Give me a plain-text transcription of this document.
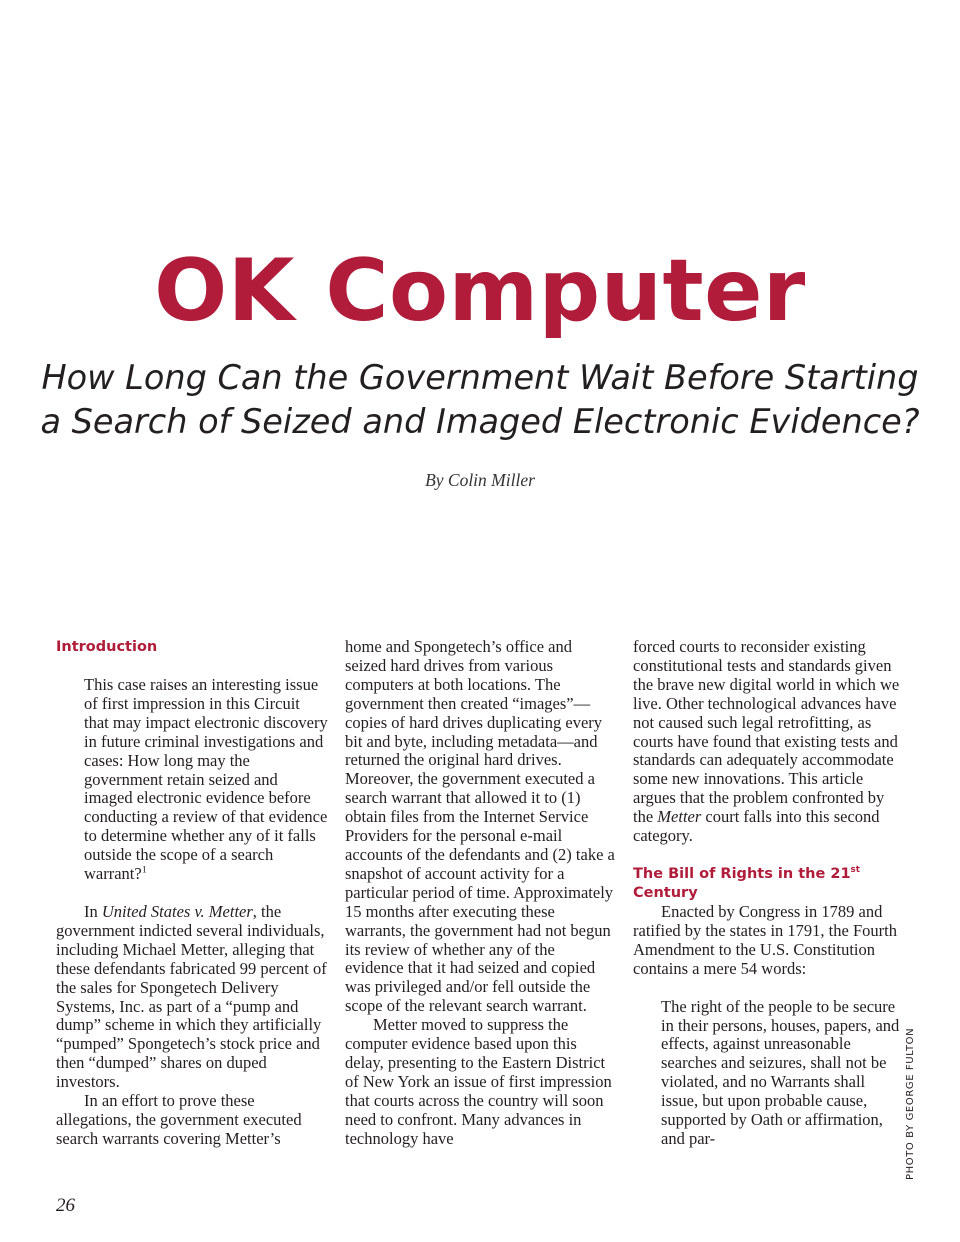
OK Computer
How Long Can the Government Wait Before Starting
a Search of Seized and Imaged Electronic Evidence?

By Colin Miller

Introduction

This case raises an interesting issue of first impression in this Circuit that may impact electronic discovery in future criminal investigations and cases: How long may the government retain seized and imaged electronic evidence before conducting a review of that evidence to determine whether any of it falls outside the scope of a search warrant?$^1$

In United States v. Metter, the government indicted several individuals, including Michael Metter, alleging that these defendants fabricated 99 percent of the sales for Spongetech Delivery Systems, Inc. as part of a “pump and dump” scheme in which they artificially “pumped” Spongetech’s stock price and then “dumped” shares on duped investors.

In an effort to prove these allegations, the government executed search warrants covering Metter’s

home and Spongetech’s office and seized hard drives from various computers at both locations. The government then created “images”—copies of hard drives duplicating every bit and byte, including metadata—and returned the original hard drives. Moreover, the government executed a search warrant that allowed it to (1) obtain files from the Internet Service Providers for the personal e-mail accounts of the defendants and (2) take a snapshot of account activity for a particular period of time. Approximately 15 months after executing these warrants, the government had not begun its review of whether any of the evidence that it had seized and copied was privileged and/or fell outside the scope of the relevant search warrant.

Metter moved to suppress the computer evidence based upon this delay, presenting to the Eastern District of New York an issue of first impression that courts across the country will soon need to confront. Many advances in technology have

forced courts to reconsider existing constitutional tests and standards given the brave new digital world in which we live. Other technological advances have not caused such legal retrofitting, as courts have found that existing tests and standards can adequately accommodate some new innovations. This article argues that the problem confronted by the Metter court falls into this second category.

The Bill of Rights in the 21st
Century

Enacted by Congress in 1789 and ratified by the states in 1791, the Fourth Amendment to the U.S. Constitution contains a mere 54 words:

The right of the people to be secure in their persons, houses, papers, and effects, against unreasonable searches and seizures, shall not be violated, and no Warrants shall issue, but upon probable cause, supported by Oath or affirmation, and par-	PHOTO BY GEORGE FULTON
26
